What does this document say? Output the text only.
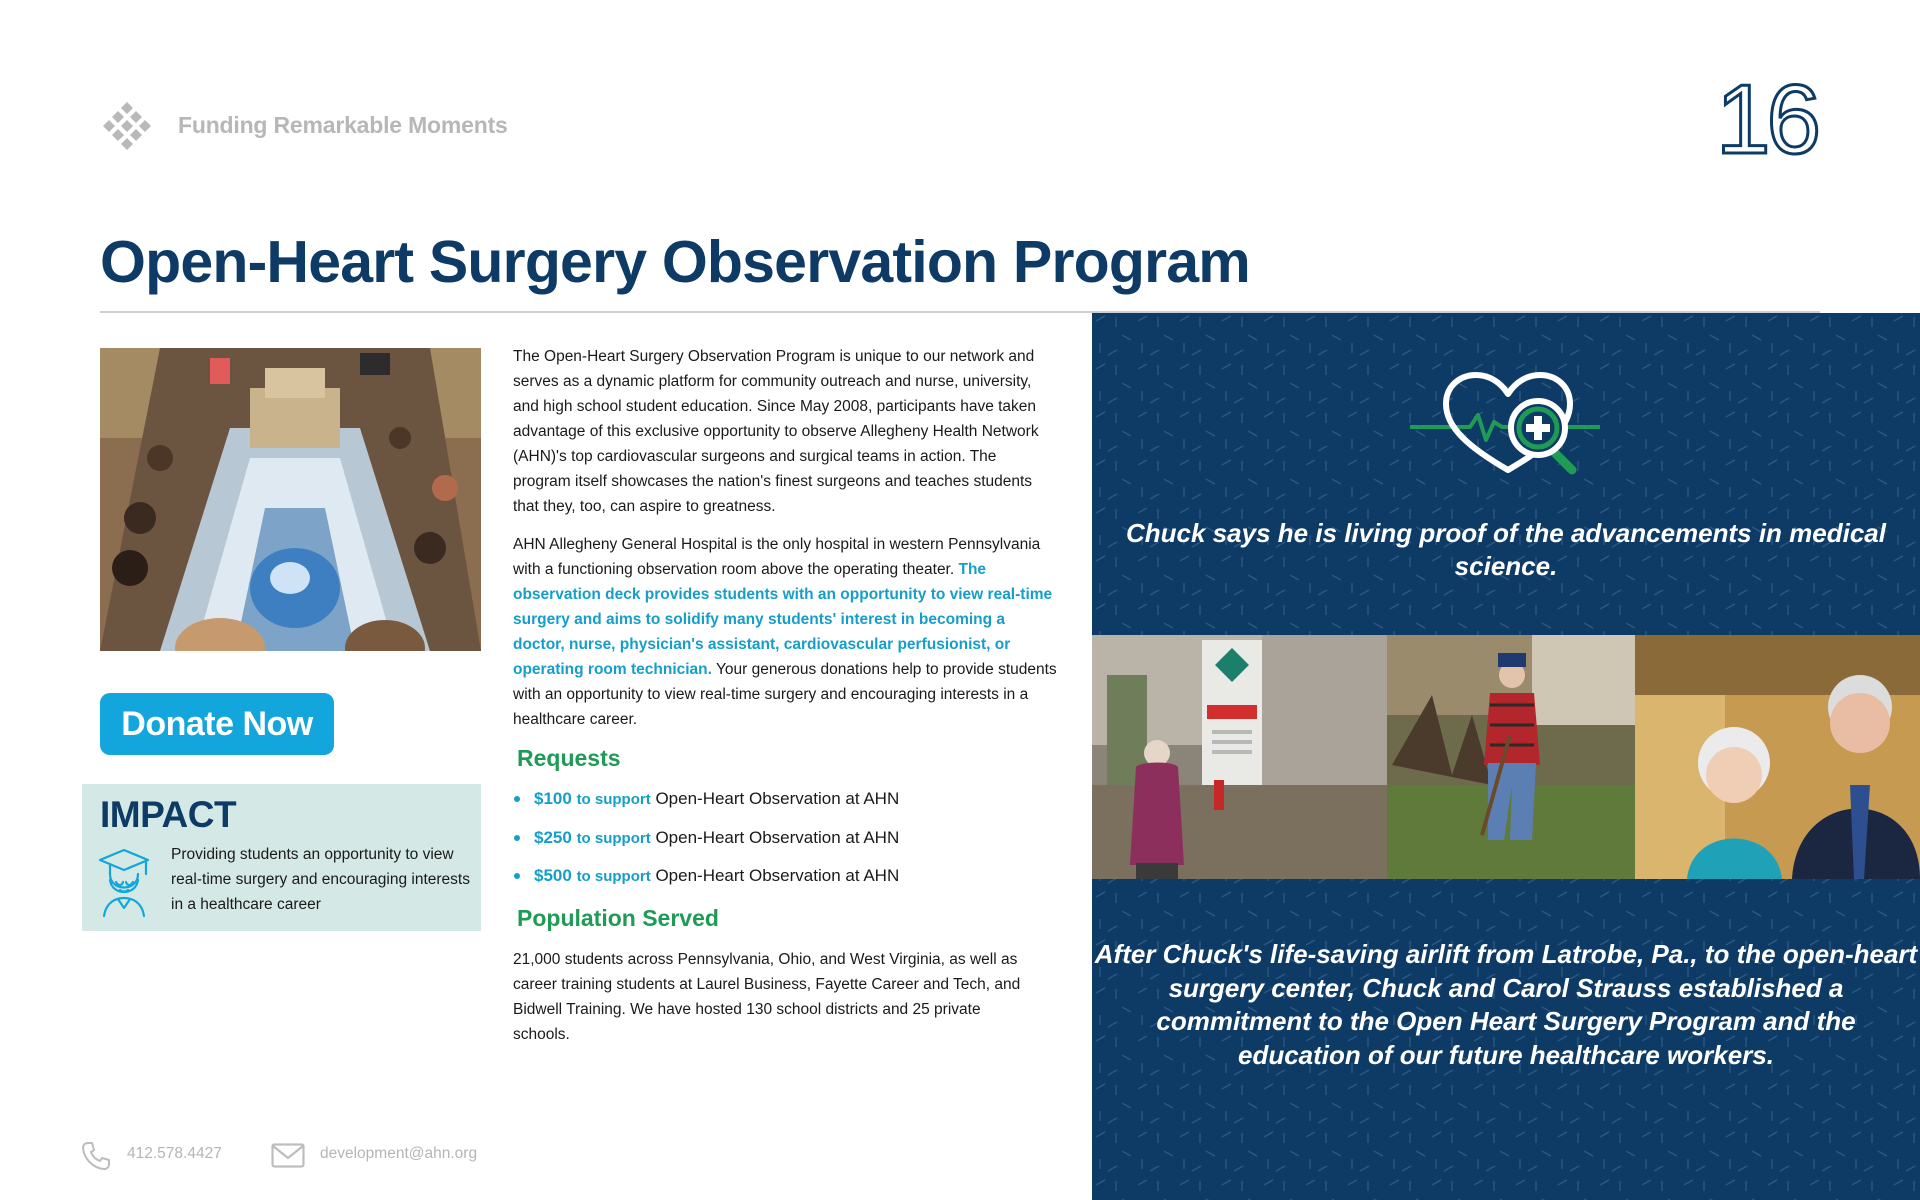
Funding Remarkable Moments	16
Open-Heart Surgery Observation Program
Donate Now
IMPACT
Providing students an opportunity to view real-time surgery and encouraging interests in a healthcare career

The Open-Heart Surgery Observation Program is unique to our network and serves as a dynamic platform for community outreach and nurse, university, and high school student education. Since May 2008, participants have taken advantage of this exclusive opportunity to observe Allegheny Health Network (AHN)'s top cardiovascular surgeons and surgical teams in action. The program itself showcases the nation's finest surgeons and teaches students that they, too, can aspire to greatness.

AHN Allegheny General Hospital is the only hospital in western Pennsylvania with a functioning observation room above the operating theater. The observation deck provides students with an opportunity to view real-time surgery and aims to solidify many students' interest in becoming a doctor, nurse, physician's assistant, cardiovascular perfusionist, or operating room technician. Your generous donations help to provide students with an opportunity to view real-time surgery and encouraging interests in a healthcare career.

Requests
$100 to support Open-Heart Observation at AHN
$250 to support Open-Heart Observation at AHN
$500 to support Open-Heart Observation at AHN
Population Served

21,000 students across Pennsylvania, Ohio, and West Virginia, as well as career training students at Laurel Business, Fayette Career and Tech, and Bidwell Training. We have hosted 130 school districts and 25 private schools.

412.578.4427	development@ahn.org
Chuck says he is living proof of the advancements in medical science.
After Chuck's life-saving airlift from Latrobe, Pa., to the open-heart surgery center, Chuck and Carol Strauss established a commitment to the Open Heart Surgery Program and the education of our future healthcare workers.
